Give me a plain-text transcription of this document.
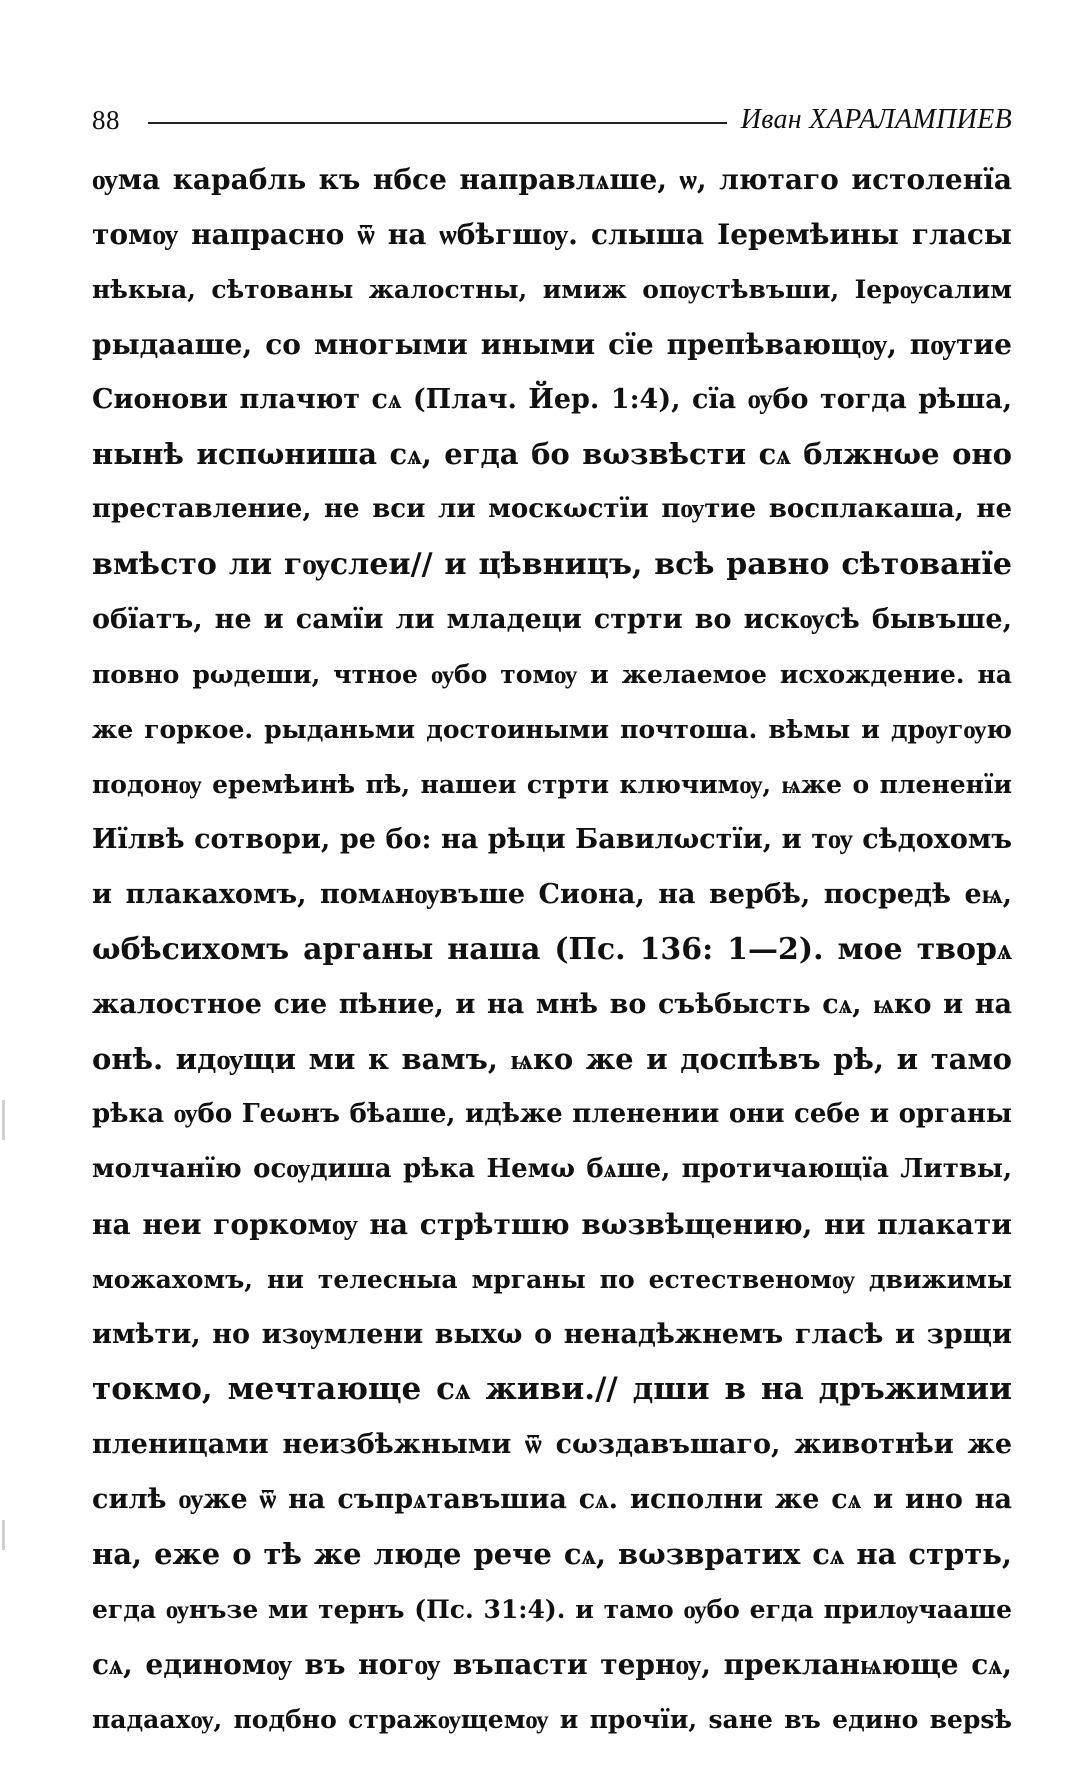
88	Иван ХАРАЛАМПИЕВ
ѹма карабль къ нбсе направлѧше, ѡ, лютаго истоленїа
томѹ напрасно ѿ на ѡбѣгшѹ. слыша Іеремѣины гласы
нѣкыа, сѣтованы жалостны, имиж опѹстѣвъши, Іерѹсалим
рыдааше, со многыми иными сїе препѣвающѹ, пѹтие
Сионови плачют сѧ (Плач. Йер. 1:4), сїа ѹбо тогда рѣша,
нынѣ испωниша сѧ, егда бо вωзвѣсти сѧ блжнωе оно
преставление, не вси ли москωстїи пѹтие восплакаша, не
вмѣсто ли гѹслеи// и цѣвницъ, всѣ равно сѣтованїе
обїатъ, не и самїи ли младеци стрти во искѹсѣ бывъше,
повно рωдеши, чтное ѹбо томѹ и желаемое исхождение. на
же горкое. рыданьми достоиными почтоша. вѣмы и дрѹгѹю
подонѹ еремѣинѣ пѣ, нашеи стрти ключимѹ, ѩже о плененїи
Иїлвѣ сотвори, ре бо: на рѣци Бавилωстїи, и тѹ сѣдохомъ
и плакахомъ, помѧнѹвъше Сиона, на вербѣ, посредѣ еѩ,
ωбѣсихомъ арганы наша (Пс. 136: 1—2). мое творѧ
жалостное сие пѣние, и на мнѣ во съѣбысть сѧ, ѩко и на
онѣ. идѹщи ми к вамъ, ѩко же и доспѣвъ рѣ, и тамо
рѣка ѹбо Геωнъ бѣаше, идѣже пленении они себе и органы
молчанїю осѹдиша рѣка Немω бѧше, протичающїа Литвы,
на неи горкомѹ на стрѣтшю вωзвѣщению, ни плакати
можахомъ, ни телесныа мрганы по естественомѹ движимы
имѣти, но изѹмлени выхω о ненадѣжнемъ гласѣ и зрщи
токмо, мечтающе сѧ живи.// дши в на дръжимии
пленицами неизбѣжными ѿ сωздавъшаго, животнѣи же
силѣ ѹже ѿ на съпрѧтавъшиа сѧ. исполни же сѧ и ино на
на, еже о тѣ же люде рече сѧ, вωзвратих сѧ на стрть,
егда ѹнъзе ми тернъ (Пс. 31:4). и тамо ѹбо егда прилѹчааше
сѧ, единомѹ въ ногѹ въпасти тернѹ, прекланѩюще сѧ,
падаахѹ, подбно стражѹщемѹ и прочїи, ѕане въ едино верѕѣ
